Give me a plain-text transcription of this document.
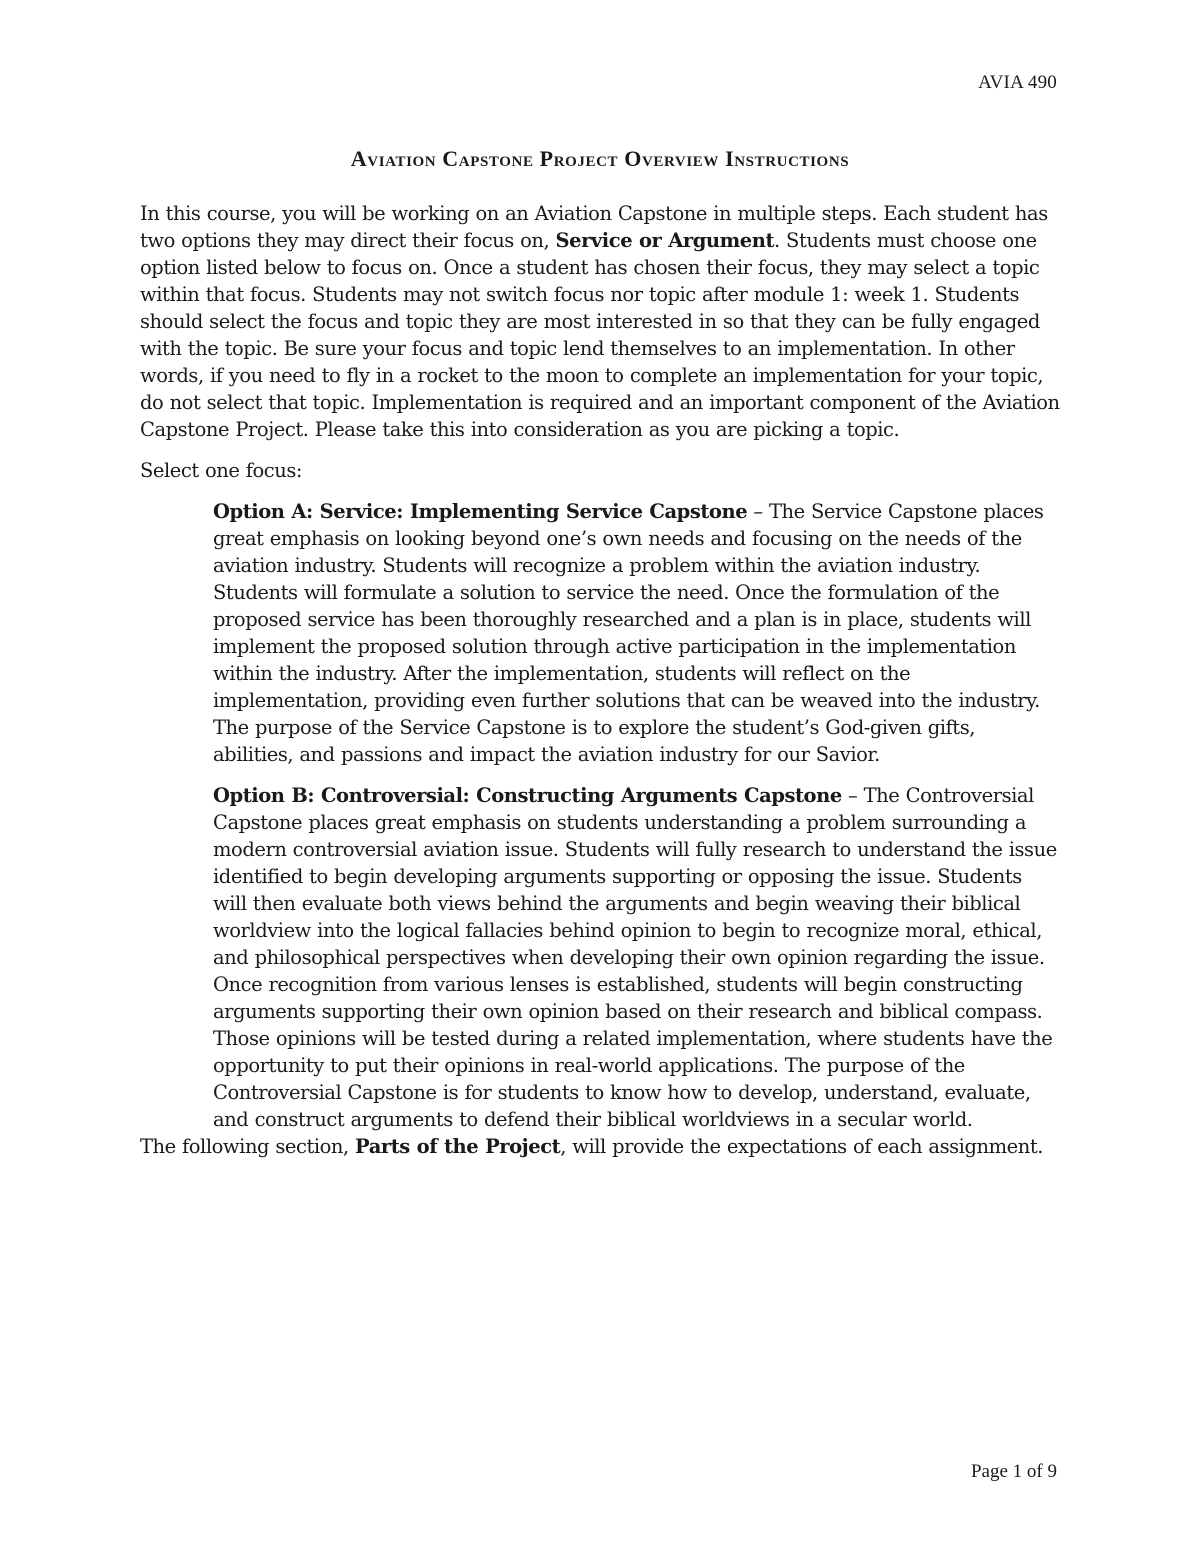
AVIA 490
Aviation Capstone Project Overview Instructions

In this course, you will be working on an Aviation Capstone in multiple steps. Each student has two options they may direct their focus on, Service or Argument. Students must choose one option listed below to focus on. Once a student has chosen their focus, they may select a topic within that focus. Students may not switch focus nor topic after module 1: week 1. Students should select the focus and topic they are most interested in so that they can be fully engaged with the topic. Be sure your focus and topic lend themselves to an implementation. In other words, if you need to fly in a rocket to the moon to complete an implementation for your topic, do not select that topic. Implementation is required and an important component of the Aviation Capstone Project. Please take this into consideration as you are picking a topic.

Select one focus:

Option A: Service: Implementing Service Capstone – The Service Capstone places great emphasis on looking beyond one’s own needs and focusing on the needs of the aviation industry. Students will recognize a problem within the aviation industry. Students will formulate a solution to service the need. Once the formulation of the proposed service has been thoroughly researched and a plan is in place, students will implement the proposed solution through active participation in the implementation within the industry. After the implementation, students will reflect on the implementation, providing even further solutions that can be weaved into the industry. The purpose of the Service Capstone is to explore the student’s God-given gifts, abilities, and passions and impact the aviation industry for our Savior.

Option B: Controversial: Constructing Arguments Capstone – The Controversial Capstone places great emphasis on students understanding a problem surrounding a modern controversial aviation issue. Students will fully research to understand the issue identified to begin developing arguments supporting or opposing the issue. Students will then evaluate both views behind the arguments and begin weaving their biblical worldview into the logical fallacies behind opinion to begin to recognize moral, ethical, and philosophical perspectives when developing their own opinion regarding the issue. Once recognition from various lenses is established, students will begin constructing arguments supporting their own opinion based on their research and biblical compass. Those opinions will be tested during a related implementation, where students have the opportunity to put their opinions in real-world applications. The purpose of the Controversial Capstone is for students to know how to develop, understand, evaluate, and construct arguments to defend their biblical worldviews in a secular world.

The following section, Parts of the Project, will provide the expectations of each assignment.

Page 1 of 9
